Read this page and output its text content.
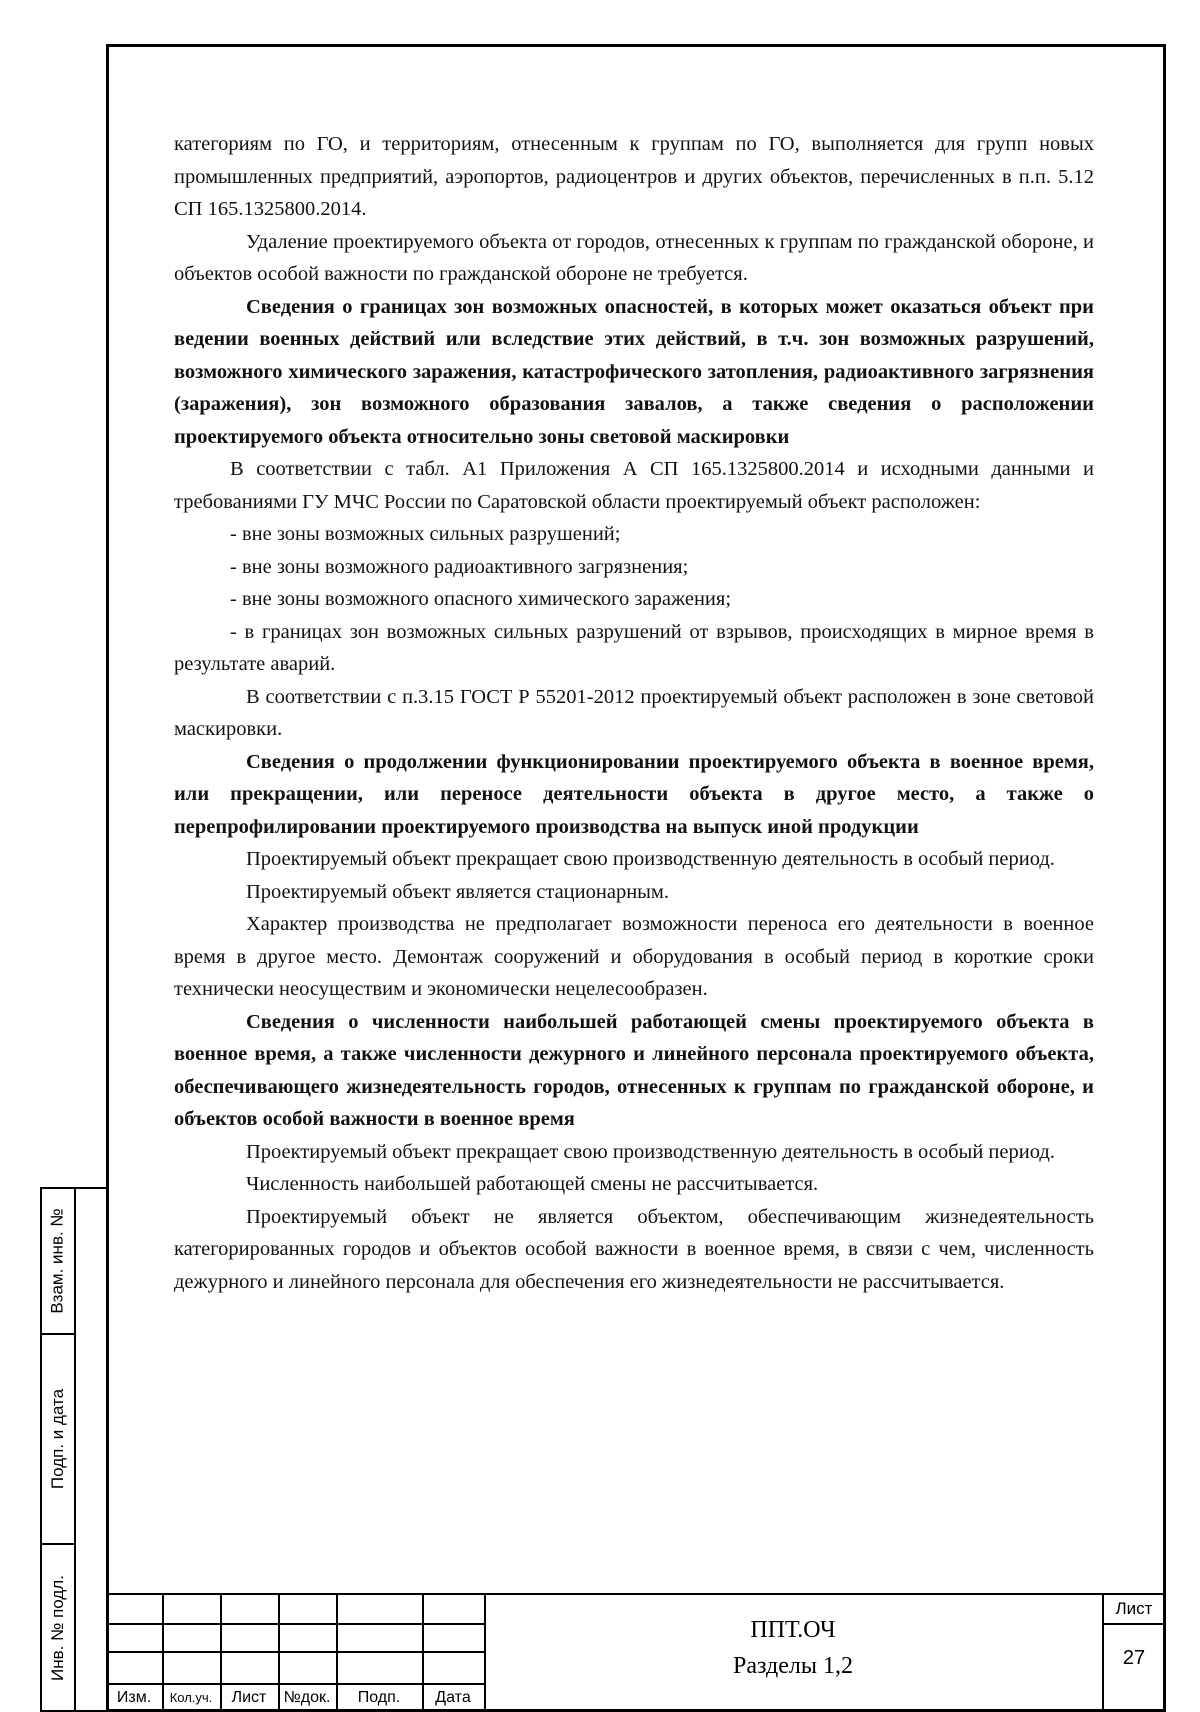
категориям по ГО, и территориям, отнесенным к группам по ГО, выполняется для групп новых промышленных предприятий, аэропортов, радиоцентров и других объектов, перечисленных в п.п. 5.12 СП 165.1325800.2014.

Удаление проектируемого объекта от городов, отнесенных к группам по гражданской обороне, и объектов особой важности по гражданской обороне не требуется.

Сведения о границах зон возможных опасностей, в которых может оказаться объект при ведении военных действий или вследствие этих действий, в т.ч. зон возможных разрушений, возможного химического заражения, катастрофического затопления, радиоактивного загрязнения (заражения), зон возможного образования завалов, а также сведения о расположении проектируемого объекта относительно зоны световой маскировки

В соответствии с табл. А1 Приложения А СП 165.1325800.2014 и исходными данными и требованиями ГУ МЧС России по Саратовской области проектируемый объект расположен:

- вне зоны возможных сильных разрушений;

- вне зоны возможного радиоактивного загрязнения;

- вне зоны возможного опасного химического заражения;

- в границах зон возможных сильных разрушений от взрывов, происходящих в мирное время в результате аварий.

В соответствии с п.3.15 ГОСТ Р 55201-2012 проектируемый объект расположен в зоне световой маскировки.

Сведения о продолжении функционировании проектируемого объекта в военное время, или прекращении, или переносе деятельности объекта в другое место, а также о перепрофилировании проектируемого производства на выпуск иной продукции

Проектируемый объект прекращает свою производственную деятельность в особый период.

Проектируемый объект является стационарным.

Характер производства не предполагает возможности переноса его деятельности в военное время в другое место. Демонтаж сооружений и оборудования в особый период в короткие сроки технически неосуществим и экономически нецелесообразен.

Сведения о численности наибольшей работающей смены проектируемого объекта в военное время, а также численности дежурного и линейного персонала проектируемого объекта, обеспечивающего жизнедеятельность городов, отнесенных к группам по гражданской обороне, и объектов особой важности в военное время

Проектируемый объект прекращает свою производственную деятельность в особый период.

Численность наибольшей работающей смены не рассчитывается.

Проектируемый объект не является объектом, обеспечивающим жизнедеятельность категорированных городов и объектов особой важности в военное время, в связи с чем, численность дежурного и линейного персонала для обеспечения его жизнедеятельности не рассчитывается.

Взам. инв. №
Подп. и дата
Инв. № подл.
Изм.	Кол.уч.	Лист	№док.	Подп.	Дата
ППТ.ОЧ
Разделы 1,2
Лист
27
